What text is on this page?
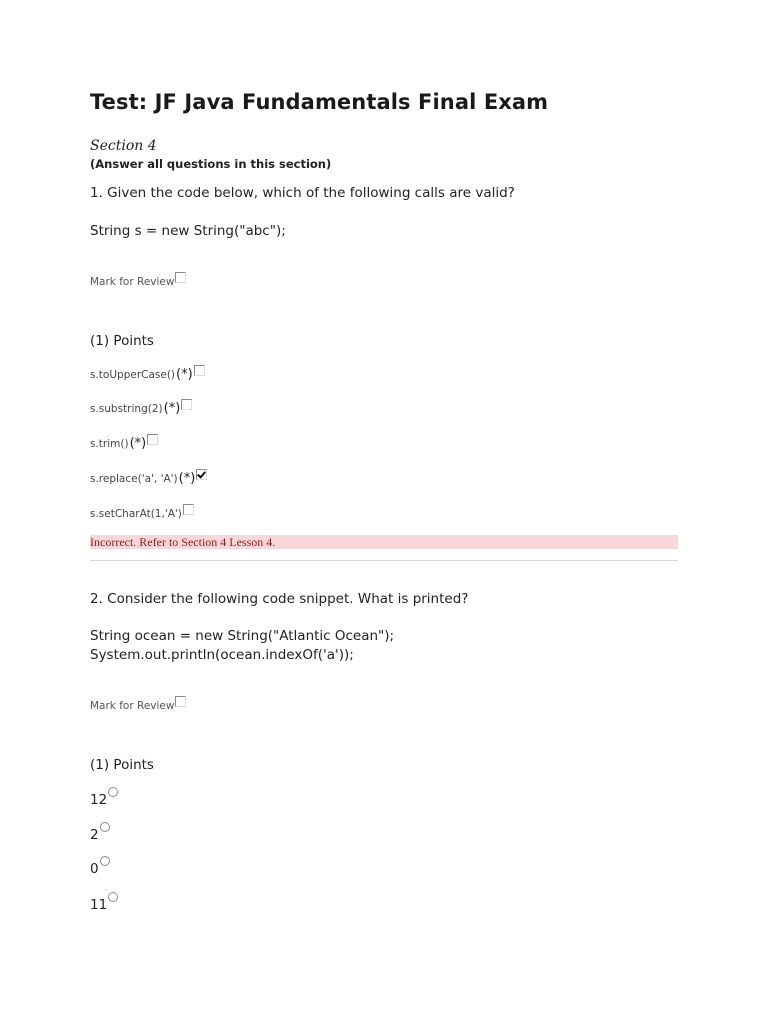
Test: JF Java Fundamentals Final Exam
Section 4
(Answer all questions in this section)
1. Given the code below, which of the following calls are valid?
String s = new String("abc");
Mark for Review
(1) Points
s.toUpperCase() (*)
s.substring(2) (*)
s.trim() (*)
s.replace('a', 'A') (*)
s.setCharAt(1,'A')
Incorrect. Refer to Section 4 Lesson 4.
2. Consider the following code snippet. What is printed?
String ocean = new String("Atlantic Ocean");
System.out.println(ocean.indexOf('a'));
Mark for Review
(1) Points
12
2
0
11
